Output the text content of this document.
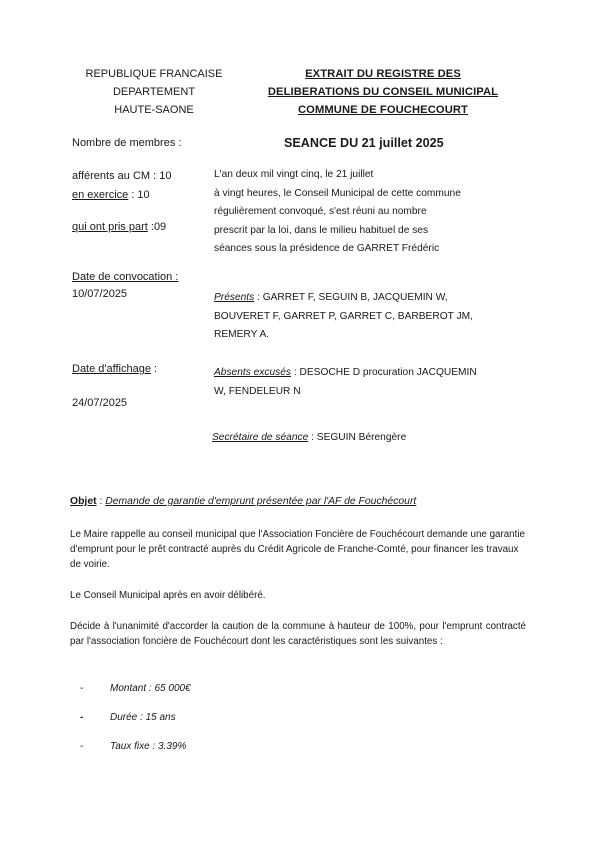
REPUBLIQUE FRANCAISE
DEPARTEMENT
HAUTE-SAONE
EXTRAIT DU REGISTRE DES
DELIBERATIONS DU CONSEIL MUNICIPAL
COMMUNE DE FOUCHECOURT
Nombre de membres :	SEANCE DU 21 juillet 2025
afférents au CM : 10
en exercice : 10
qui ont pris part :09
L'an deux mil vingt cinq, le 21 juillet
à vingt heures, le Conseil Municipal de cette commune
régulièrement convoqué, s'est réuni au nombre
prescrit par la loi, dans le milieu habituel de ses
séances sous la présidence de GARRET Frédéric
Date de convocation :
10/07/2025	Présents : GARRET F, SEGUIN B, JACQUEMIN W,
BOUVERET F, GARRET P, GARRET C, BARBEROT JM,
REMERY A.
Date d'affichage :
24/07/2025
Absents excusés : DESOCHE D procuration JACQUEMIN
W, FENDELEUR N
Secrétaire de séance : SEGUIN Bérengère
Objet : Demande de garantie d'emprunt présentée par l'AF de Fouchécourt
Le Maire rappelle au conseil municipal que l'Association Foncière de Fouchécourt demande une garantie d'emprunt pour le prêt contracté auprès du Crédit Agricole de Franche-Comté, pour financer les travaux de voirie.
Le Conseil Municipal après en avoir délibéré.
Décide à l'unanimité d'accorder la caution de la commune à hauteur de 100%, pour l'emprunt contracté par l'association foncière de Fouchécourt dont les caractéristiques sont les suivantes :
-	Montant : 65 000€
-	Durée : 15 ans
-	Taux fixe : 3.39%
